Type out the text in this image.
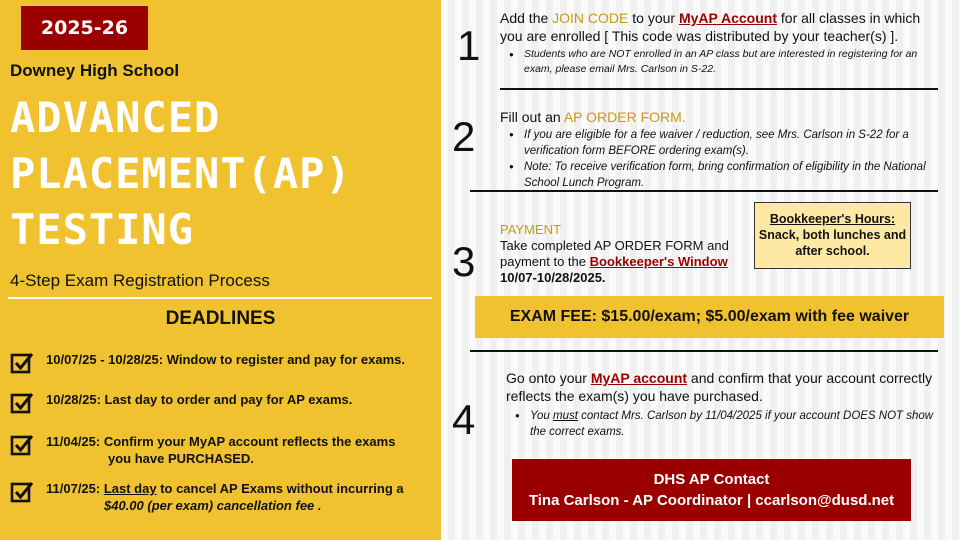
2025-26
Downey High School
ADVANCED
PLACEMENT(AP)
TESTING
4-Step Exam Registration Process
DEADLINES
10/07/25 - 10/28/25: Window to register and pay for exams.
10/28/25: Last day to order and pay for AP exams.
11/04/25: Confirm your MyAP account reflects the exams
you have PURCHASED.
11/07/25: Last day to cancel AP Exams without incurring a
$40.00 (per exam) cancellation fee .
1
2
3
4
Add the JOIN CODE to your MyAP Account for all classes in which you are enrolled [ This code was distributed by your teacher(s) ].
● Students who are NOT enrolled in an AP class but are interested in registering for an exam, please email Mrs. Carlson in S-22.
Fill out an AP ORDER FORM.
● If you are eligible for a fee waiver / reduction, see Mrs. Carlson in S-22 for a verification form BEFORE ordering exam(s).
● Note: To receive verification form, bring confirmation of eligibility in the National School Lunch Program.
PAYMENT
Take completed AP ORDER FORM and payment to the Bookkeeper's Window
10/07-10/28/2025.
Bookkeeper's Hours:
Snack, both lunches and after school.
EXAM FEE: $15.00/exam; $5.00/exam with fee waiver
Go onto your MyAP account and confirm that your account correctly reflects the exam(s) you have purchased.
● You must contact Mrs. Carlson by 11/04/2025 if your account DOES NOT show the correct exams.
DHS AP Contact
Tina Carlson - AP Coordinator | ccarlson@dusd.net
